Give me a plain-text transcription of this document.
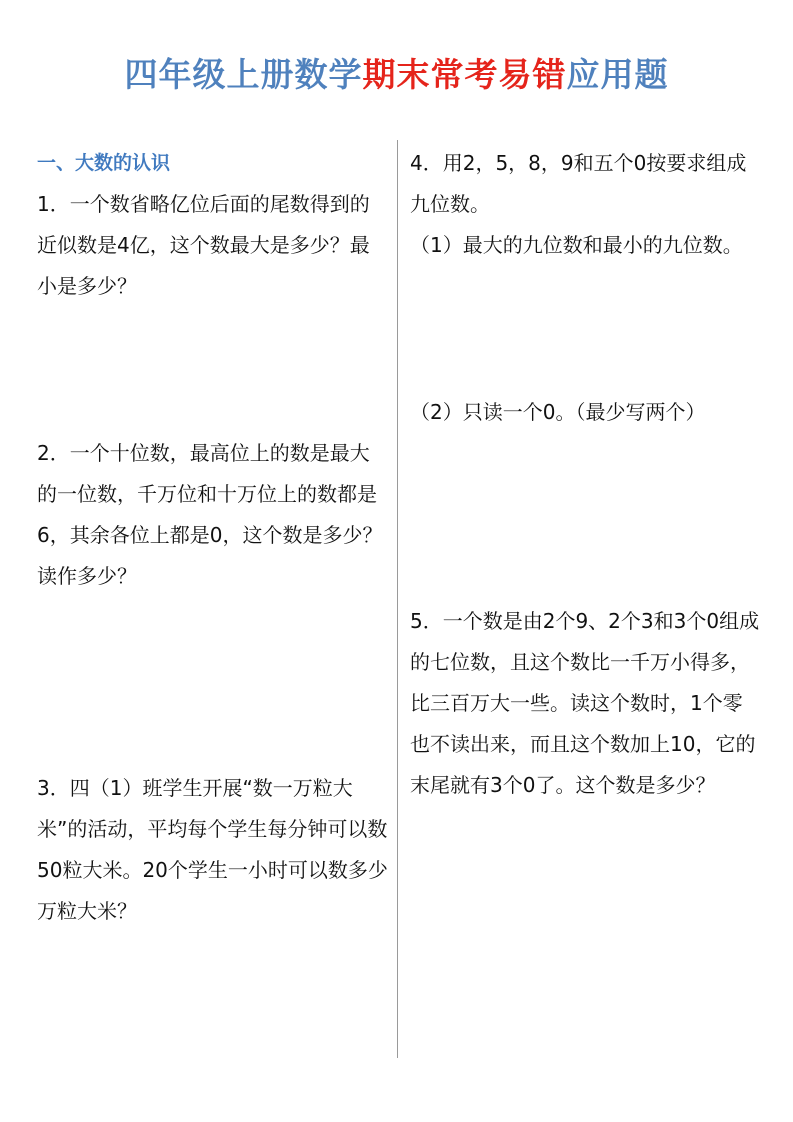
四年级上册数学期末常考易错应用题
一、大数的认识

1．一个数省略亿位后面的尾数得到的近似数是4亿，这个数最大是多少？最小是多少？

2．一个十位数，最高位上的数是最大的一位数，千万位和十万位上的数都是6，其余各位上都是0，这个数是多少？读作多少？

3．四（1）班学生开展“数一万粒大米”的活动，平均每个学生每分钟可以数50粒大米。20个学生一小时可以数多少万粒大米？

4．用2，5，8，9和五个0按要求组成九位数。

（1）最大的九位数和最小的九位数。

（2）只读一个0。（最少写两个）

5．一个数是由2个9、2个3和3个0组成的七位数，且这个数比一千万小得多，比三百万大一些。读这个数时，1个零也不读出来，而且这个数加上10，它的末尾就有3个0了。这个数是多少？
